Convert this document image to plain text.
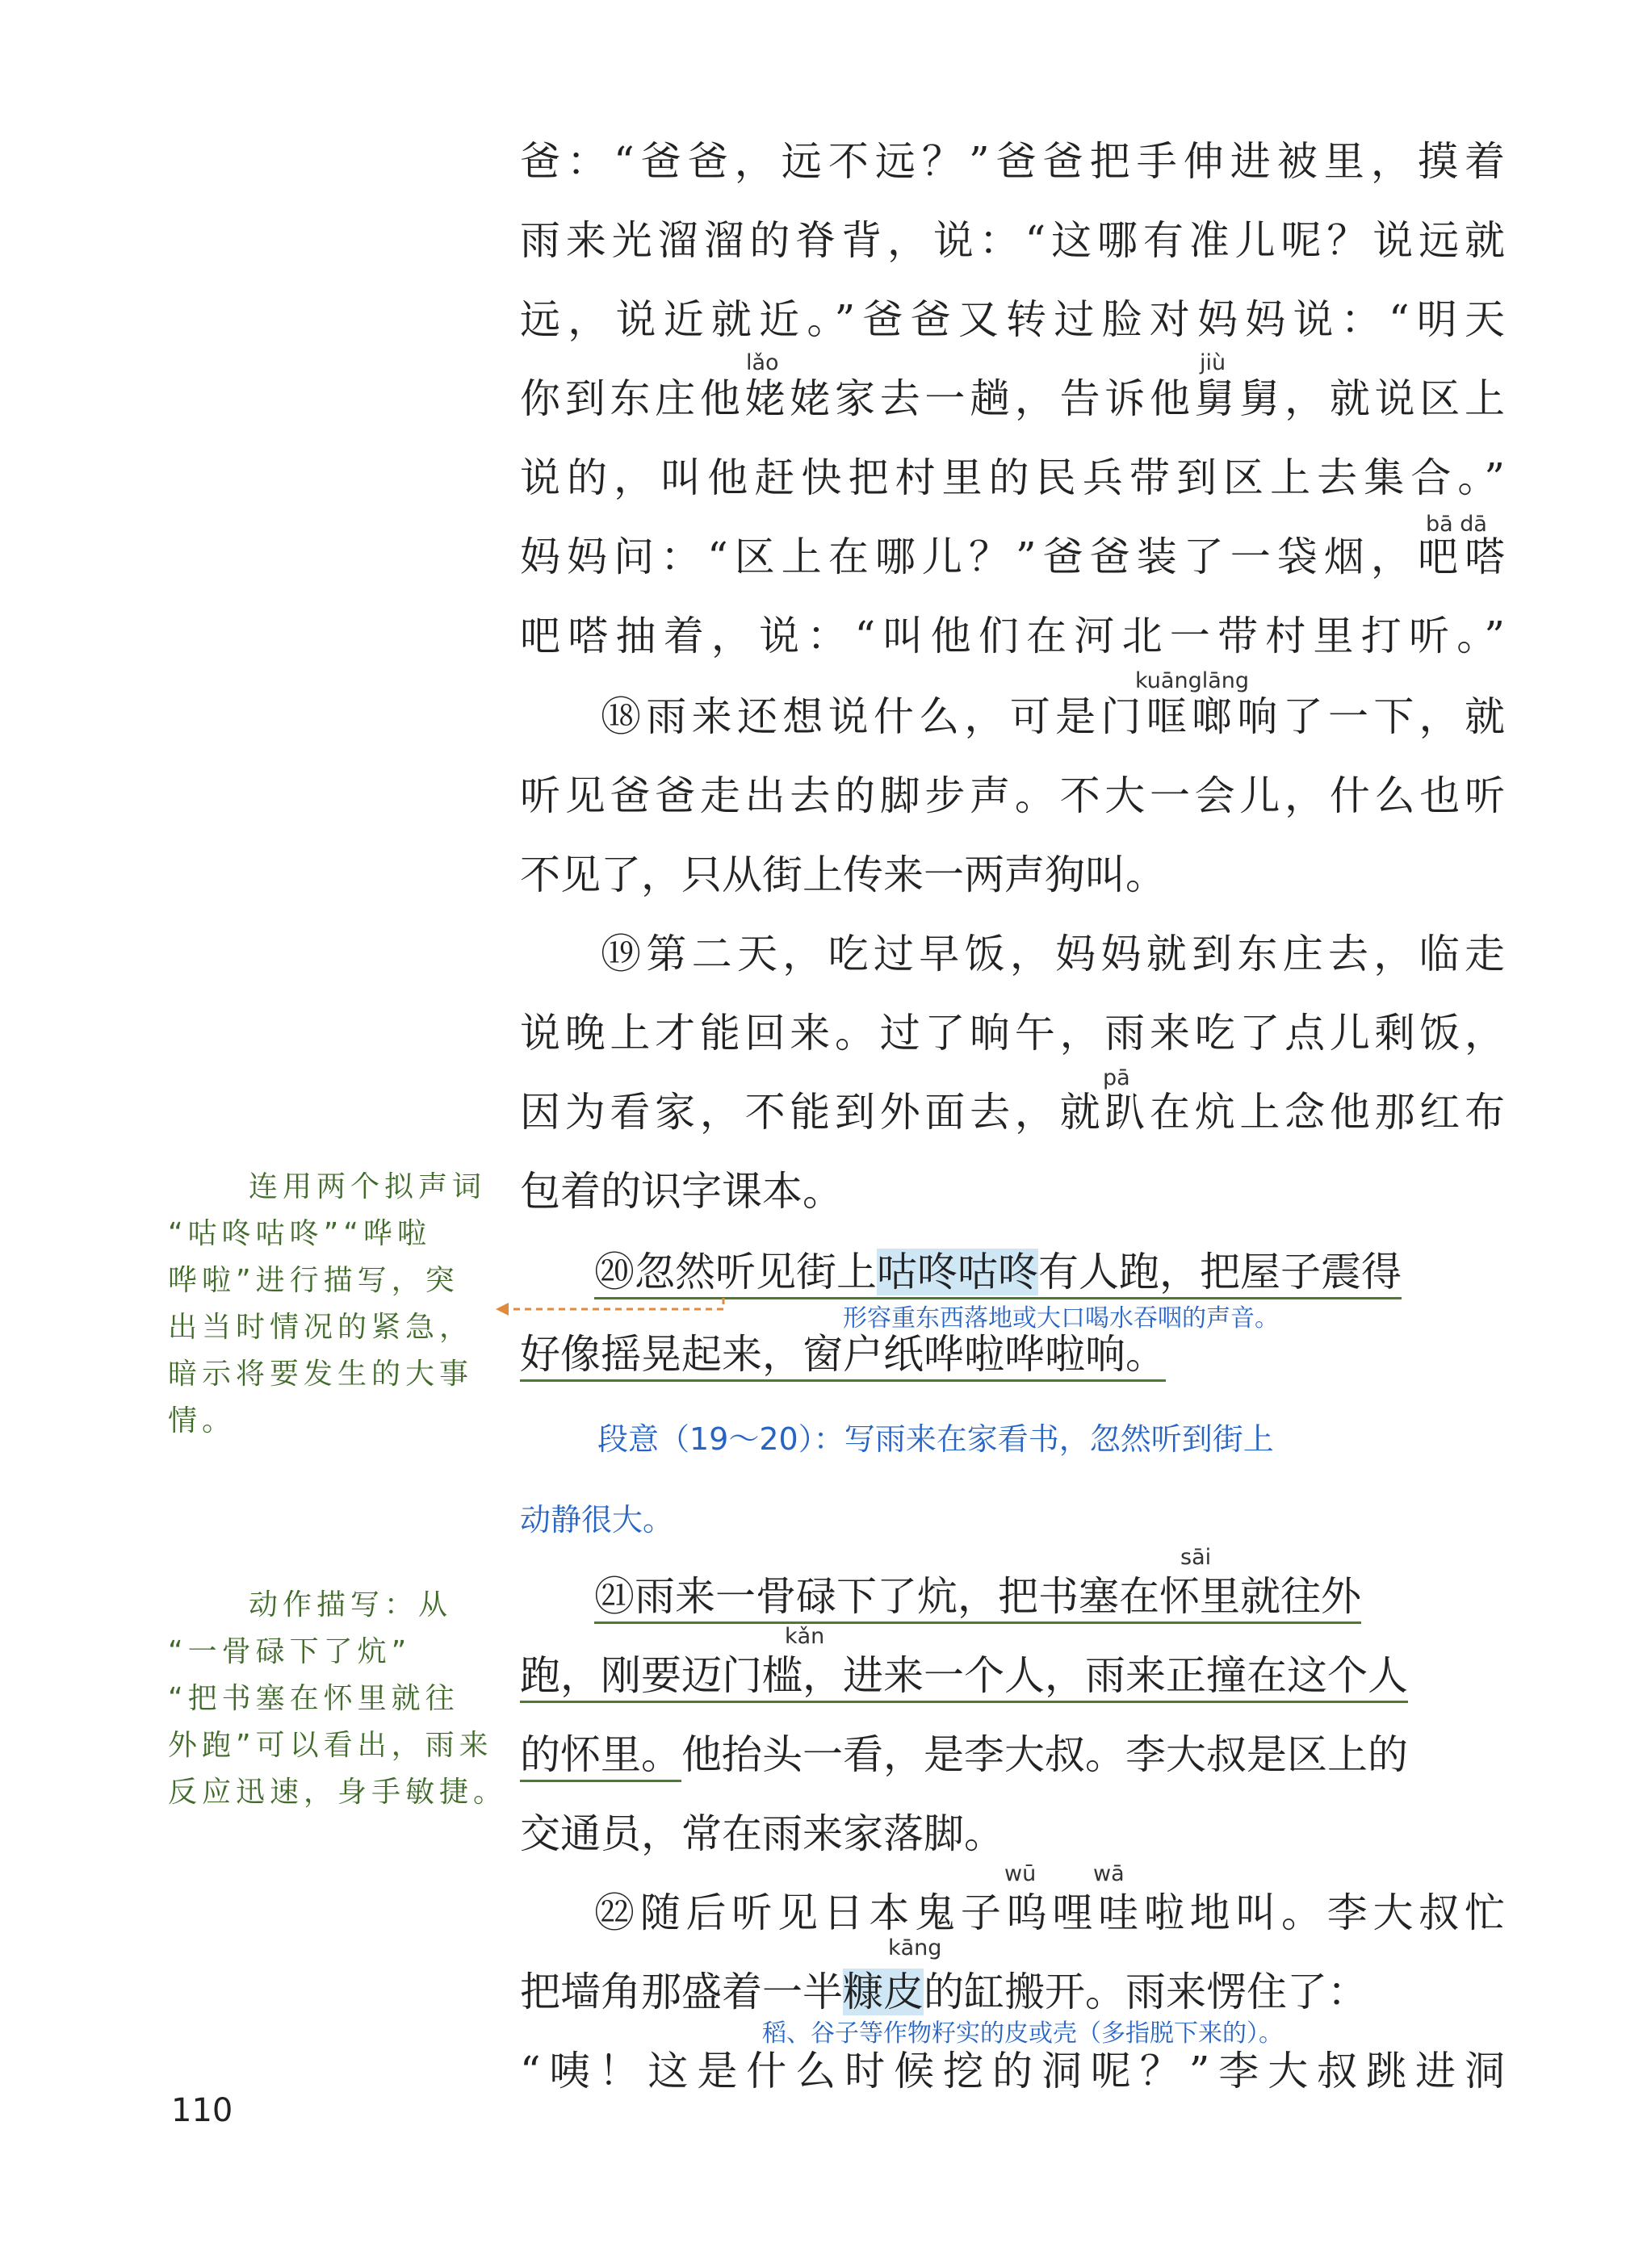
lǎo	jiù
bā dā
kuānglāng
pā
sāi
kǎn
wū	wā
kāng
爸：“爸爸，远不远？”爸爸把手伸进被里，摸着
雨来光溜溜的脊背，说：“这哪有准儿呢？说远就
远，说近就近。”爸爸又转过脸对妈妈说：“明天
你到东庄他姥姥家去一趟，告诉他舅舅，就说区上
说的，叫他赶快把村里的民兵带到区上去集合。”
妈妈问：“区上在哪儿？”爸爸装了一袋烟，吧嗒
吧嗒抽着，说：“叫他们在河北一带村里打听。”
⑱雨来还想说什么，可是门哐啷响了一下，就
听见爸爸走出去的脚步声。不大一会儿，什么也听
不见了，只从街上传来一两声狗叫。
⑲第二天，吃过早饭，妈妈就到东庄去，临走
说晚上才能回来。过了晌午，雨来吃了点儿剩饭，
因为看家，不能到外面去，就趴在炕上念他那红布
包着的识字课本。
⑳忽然听见街上咕咚咕咚有人跑，把屋子震得
形容重东西落地或大口喝水吞咽的声音。
好像摇晃起来，窗户纸哗啦哗啦响。
段意（19～20）：写雨来在家看书，忽然听到街上
动静很大。
㉑雨来一骨碌下了炕，把书塞在怀里就往外
跑，刚要迈门槛，进来一个人，雨来正撞在这个人
的怀里。他抬头一看，是李大叔。李大叔是区上的
交通员，常在雨来家落脚。
㉒随后听见日本鬼子呜哩哇啦地叫。李大叔忙
把墙角那盛着一半糠皮的缸搬开。雨来愣住了：
稻、谷子等作物籽实的皮或壳（多指脱下来的）。
“咦！这是什么时候挖的洞呢？”李大叔跳进洞
连用两个拟声词
“咕咚咕咚”“哗啦
哗啦”进行描写，突
出当时情况的紧急，
暗示将要发生的大事
情。
动作描写：从
“一骨碌下了炕”
“把书塞在怀里就往
外跑”可以看出，雨来
反应迅速，身手敏捷。
110
